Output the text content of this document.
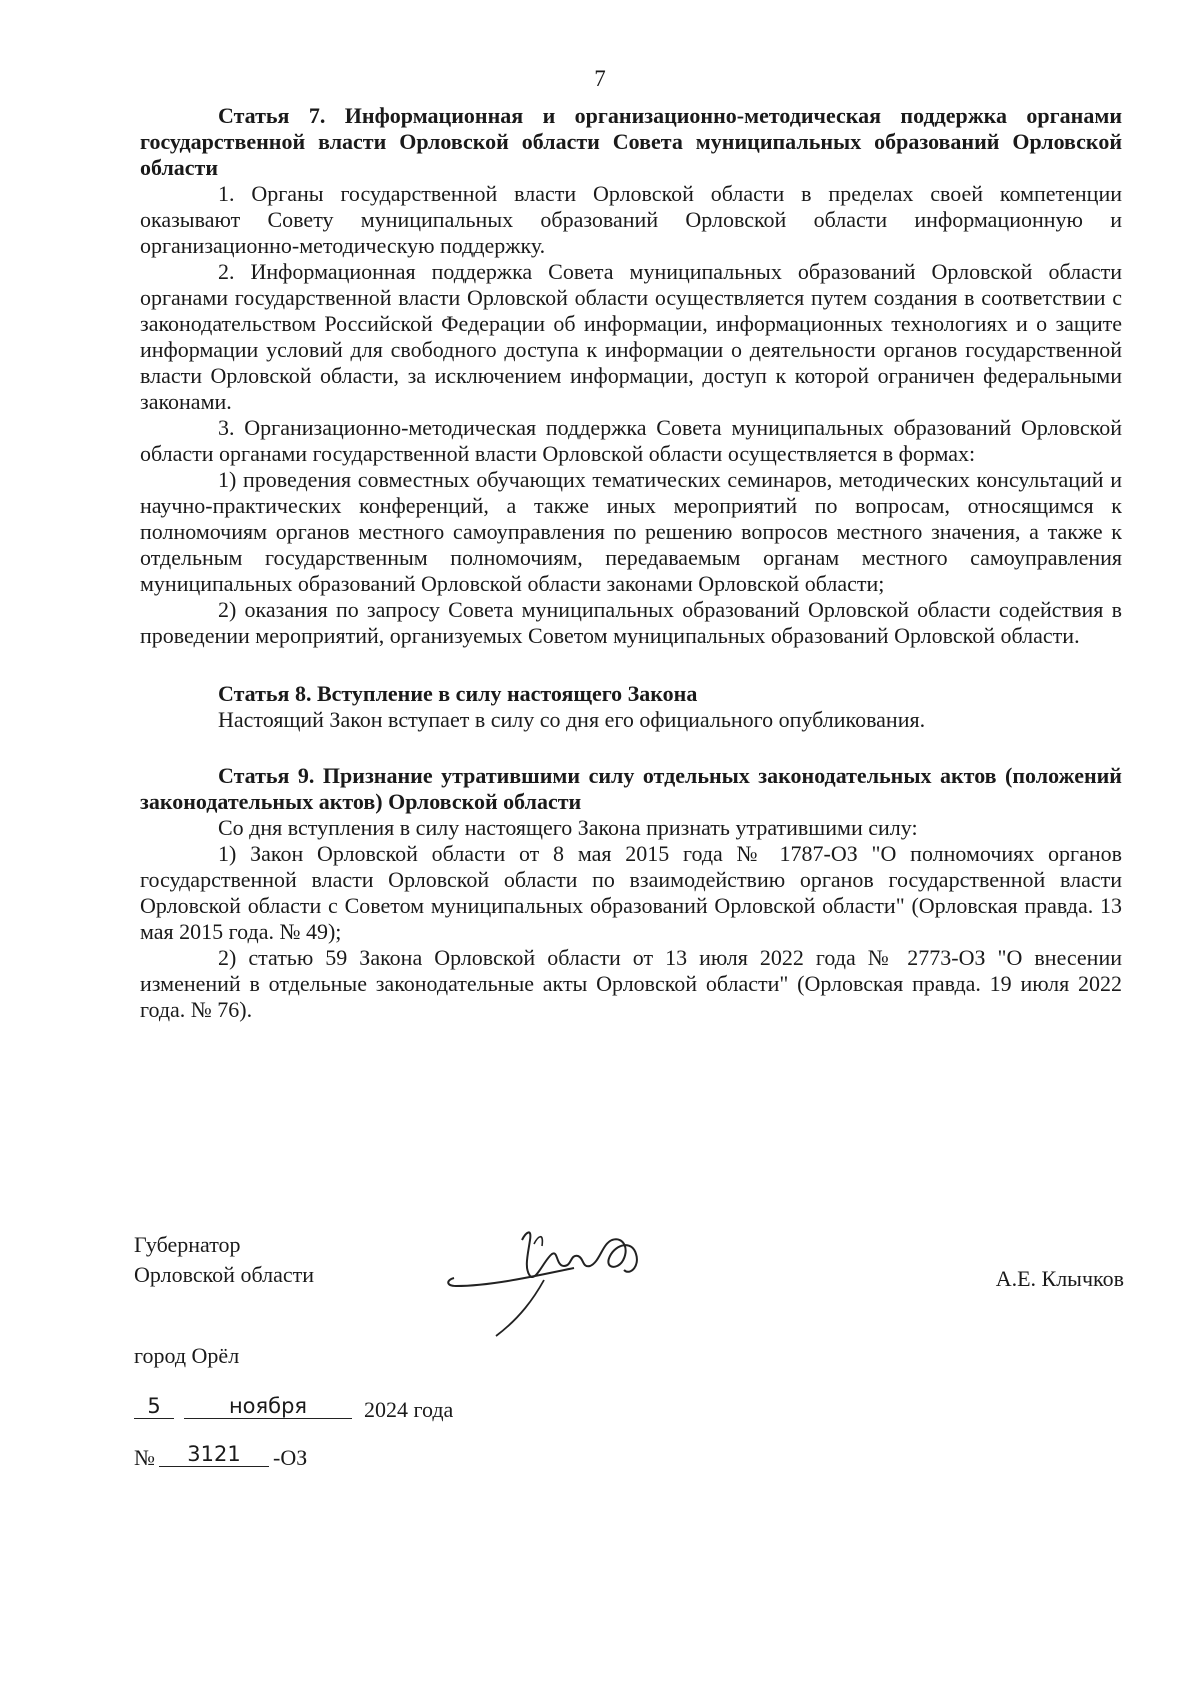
7

Статья 7. Информационная и организационно-методическая поддержка органами государственной власти Орловской области Совета муниципальных образований Орловской области

1. Органы государственной власти Орловской области в пределах своей компетенции оказывают Совету муниципальных образований Орловской области информационную и организационно-методическую поддержку.

2. Информационная поддержка Совета муниципальных образований Орловской области органами государственной власти Орловской области осуществляется путем создания в соответствии с законодательством Российской Федерации об информации, информационных технологиях и о защите информации условий для свободного доступа к информации о деятельности органов государственной власти Орловской области, за исключением информации, доступ к которой ограничен федеральными законами.

3. Организационно-методическая поддержка Совета муниципальных образований Орловской области органами государственной власти Орловской области осуществляется в формах:

1) проведения совместных обучающих тематических семинаров, методических консультаций и научно-практических конференций, а также иных мероприятий по вопросам, относящимся к полномочиям органов местного самоуправления по решению вопросов местного значения, а также к отдельным государственным полномочиям, передаваемым органам местного самоуправления муниципальных образований Орловской области законами Орловской области;

2) оказания по запросу Совета муниципальных образований Орловской области содействия в проведении мероприятий, организуемых Советом муниципальных образований Орловской области.

Статья 8. Вступление в силу настоящего Закона

Настоящий Закон вступает в силу со дня его официального опубликования.

Статья 9. Признание утратившими силу отдельных законодательных актов (положений законодательных актов) Орловской области

Со дня вступления в силу настоящего Закона признать утратившими силу:

1) Закон Орловской области от 8 мая 2015 года № 1787-ОЗ "О полномочиях органов государственной власти Орловской области по взаимодействию органов государственной власти Орловской области с Советом муниципальных образований Орловской области" (Орловская правда. 13 мая 2015 года. № 49);

2) статью 59 Закона Орловской области от 13 июля 2022 года № 2773-ОЗ "О внесении изменений в отдельные законодательные акты Орловской области" (Орловская правда. 19 июля 2022 года. № 76).

Губернатор
Орловской области	А.Е. Клычков
город Орёл
5	ноября	2024 года
№ 3121 -ОЗ
